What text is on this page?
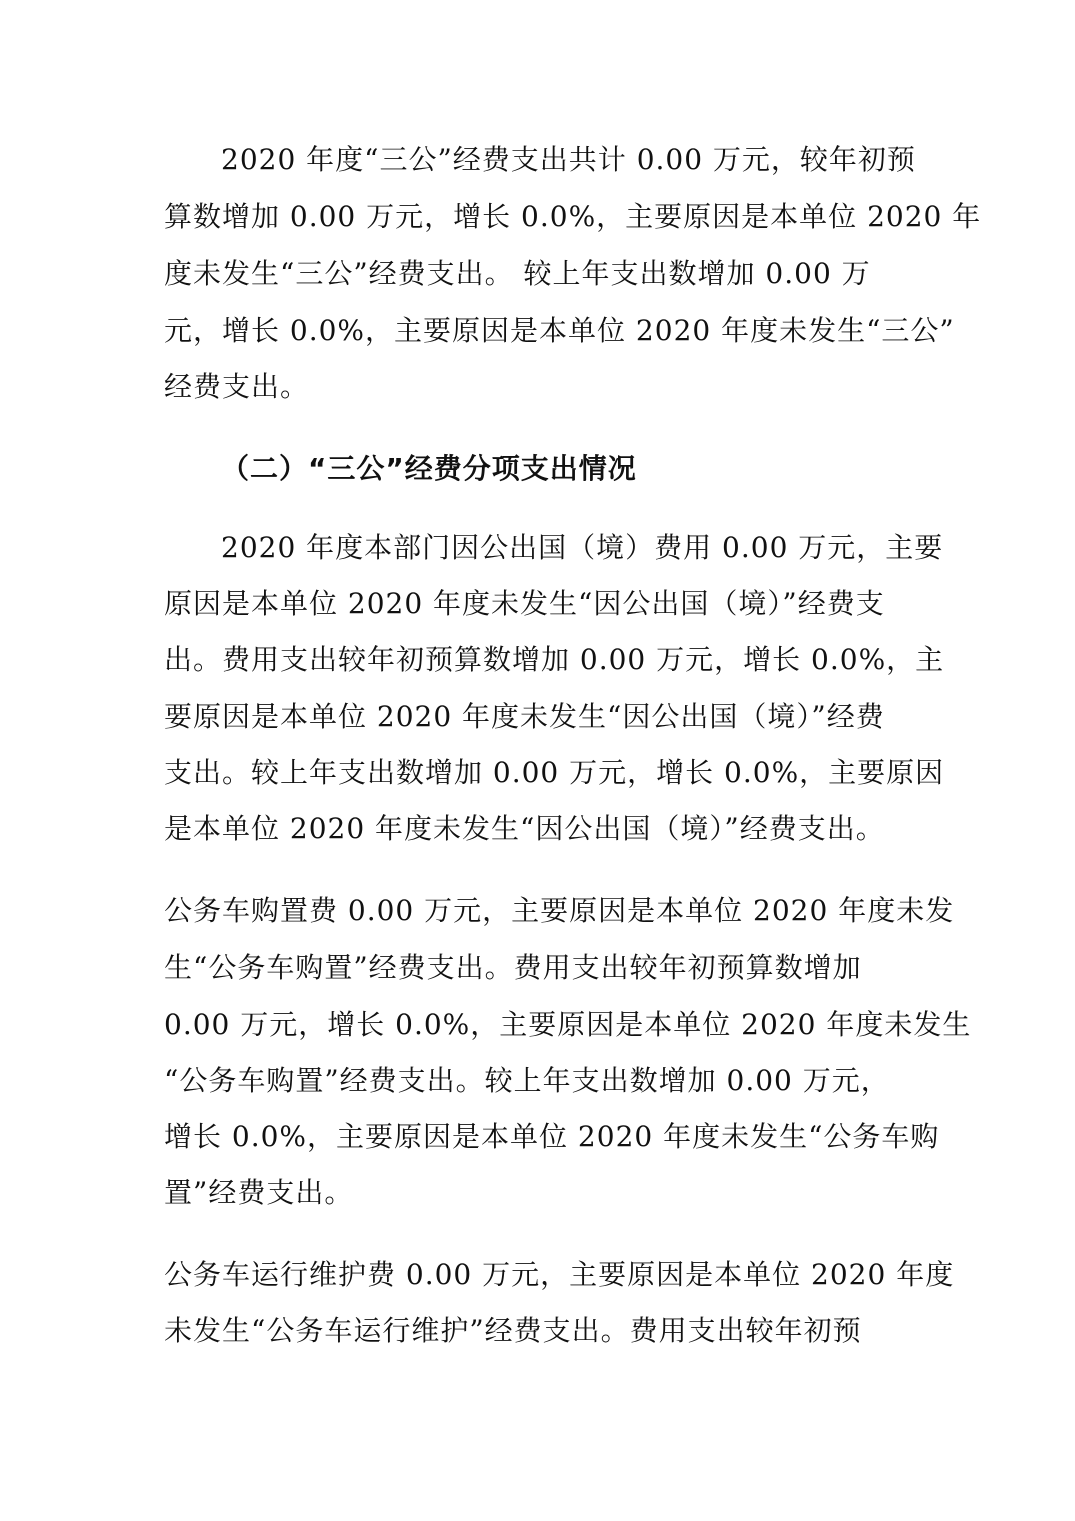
2020 年度“三公”经费支出共计 0.00 万元，较年初预
算数增加 0.00 万元，增长 0.0%，主要原因是本单位 2020 年
度未发生“三公”经费支出。 较上年支出数增加 0.00 万
元，增长 0.0%，主要原因是本单位 2020 年度未发生“三公”
经费支出。
（二）“三公”经费分项支出情况
2020 年度本部门因公出国（境）费用 0.00 万元，主要
原因是本单位 2020 年度未发生“因公出国（境）”经费支
出。费用支出较年初预算数增加 0.00 万元，增长 0.0%，主
要原因是本单位 2020 年度未发生“因公出国（境）”经费
支出。较上年支出数增加 0.00 万元，增长 0.0%，主要原因
是本单位 2020 年度未发生“因公出国（境）”经费支出。
公务车购置费 0.00 万元，主要原因是本单位 2020 年度未发
生“公务车购置”经费支出。费用支出较年初预算数增加
0.00 万元，增长 0.0%，主要原因是本单位 2020 年度未发生
“公务车购置”经费支出。较上年支出数增加 0.00 万元，
增长 0.0%，主要原因是本单位 2020 年度未发生“公务车购
置”经费支出。
公务车运行维护费 0.00 万元，主要原因是本单位 2020 年度
未发生“公务车运行维护”经费支出。费用支出较年初预
